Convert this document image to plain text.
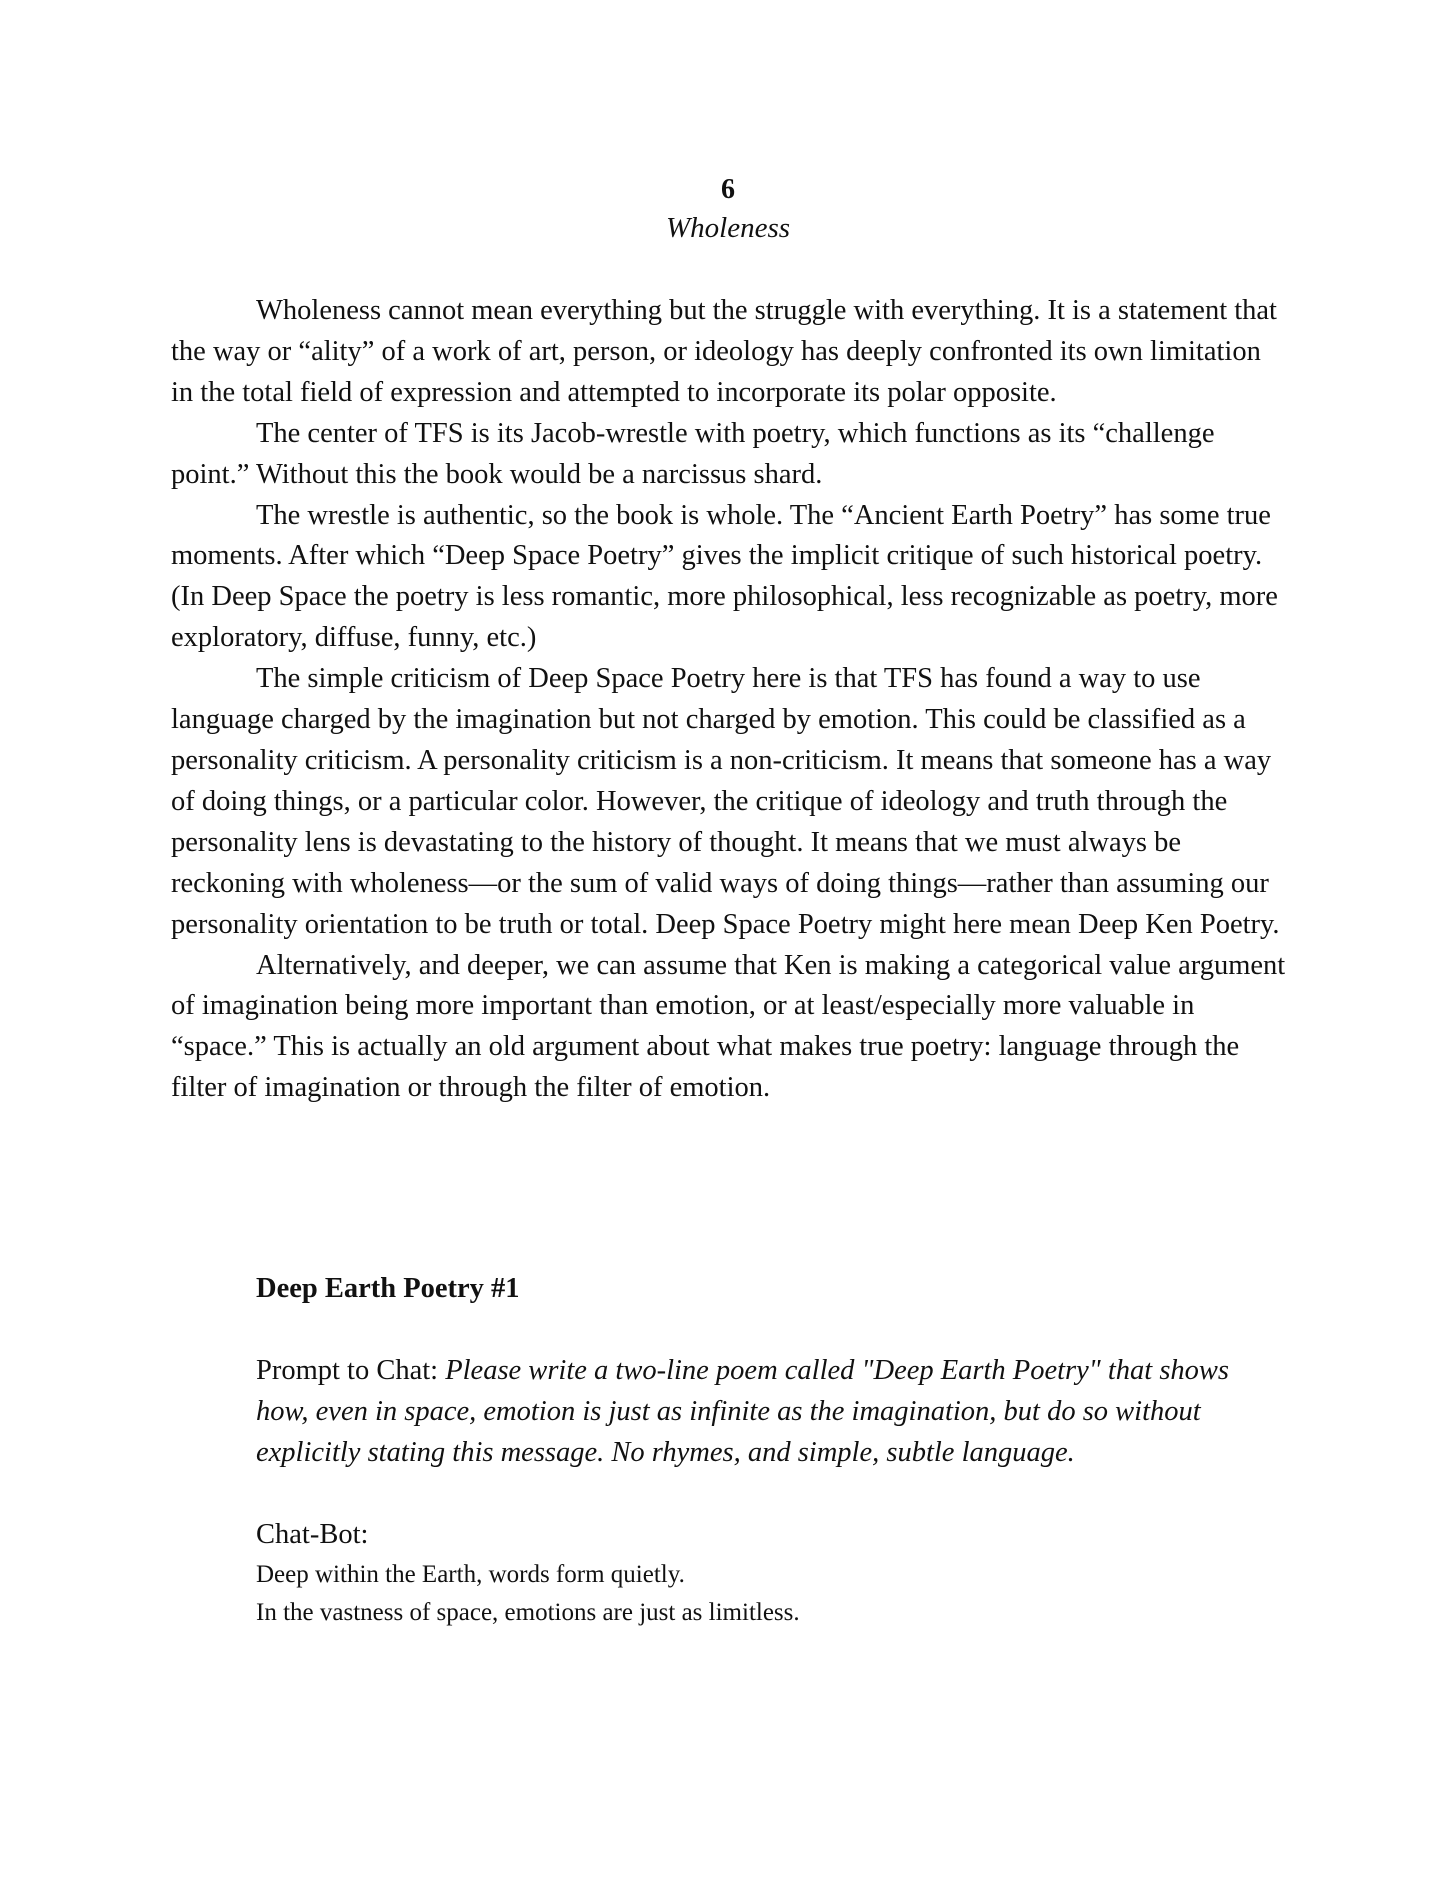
6
Wholeness

Wholeness cannot mean everything but the struggle with everything. It is a statement that the way or “ality” of a work of art, person, or ideology has deeply confronted its own limitation in the total field of expression and attempted to incorporate its polar opposite.

The center of TFS is its Jacob-wrestle with poetry, which functions as its “challenge point.” Without this the book would be a narcissus shard.

The wrestle is authentic, so the book is whole. The “Ancient Earth Poetry” has some true moments. After which “Deep Space Poetry” gives the implicit critique of such historical poetry. (In Deep Space the poetry is less romantic, more philosophical, less recognizable as poetry, more exploratory, diffuse, funny, etc.)

The simple criticism of Deep Space Poetry here is that TFS has found a way to use language charged by the imagination but not charged by emotion. This could be classified as a personality criticism. A personality criticism is a non-criticism. It means that someone has a way of doing things, or a particular color. However, the critique of ideology and truth through the personality lens is devastating to the history of thought. It means that we must always be reckoning with wholeness—or the sum of valid ways of doing things—rather than assuming our personality orientation to be truth or total. Deep Space Poetry might here mean Deep Ken Poetry.

Alternatively, and deeper, we can assume that Ken is making a categorical value argument of imagination being more important than emotion, or at least/especially more valuable in “space.” This is actually an old argument about what makes true poetry: language through the filter of imagination or through the filter of emotion.

Deep Earth Poetry #1
Prompt to Chat: Please write a two-line poem called "Deep Earth Poetry" that shows how, even in space, emotion is just as infinite as the imagination, but do so without explicitly stating this message. No rhymes, and simple, subtle language.
Chat-Bot:
Deep within the Earth, words form quietly.
In the vastness of space, emotions are just as limitless.
